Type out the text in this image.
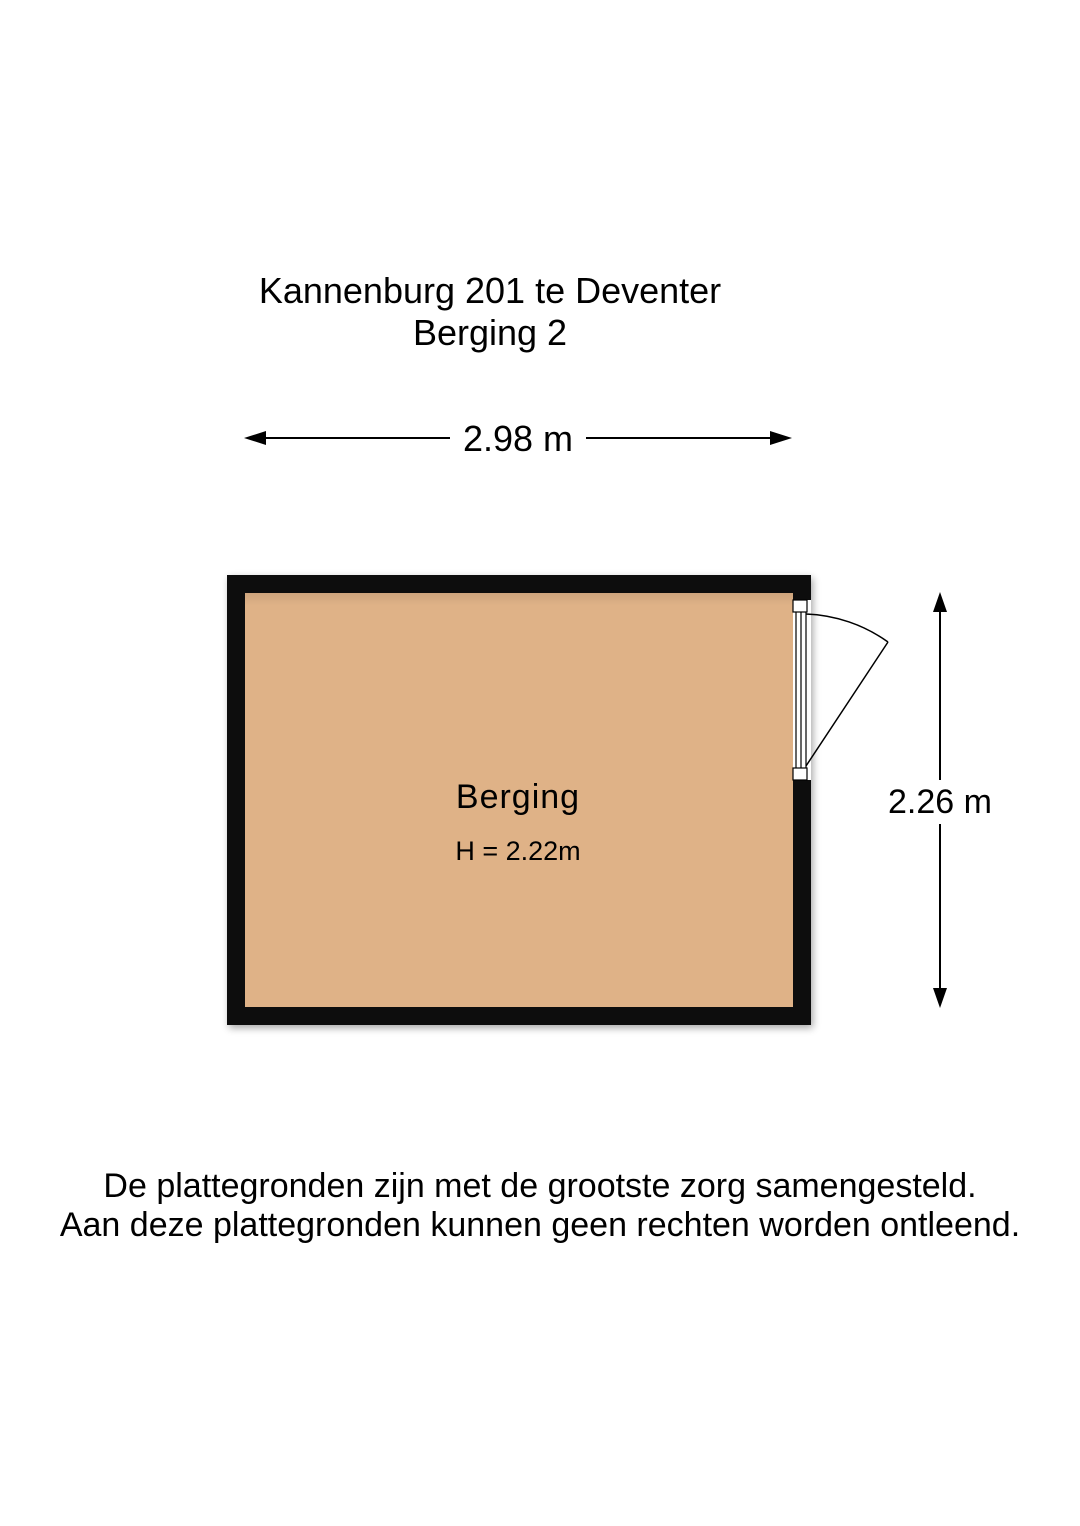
Kannenburg 201 te Deventer
Berging 2
2.98 m
2.26 m
Berging
H = 2.22m
De plattegronden zijn met de grootste zorg samengesteld.
Aan deze plattegronden kunnen geen rechten worden ontleend.
